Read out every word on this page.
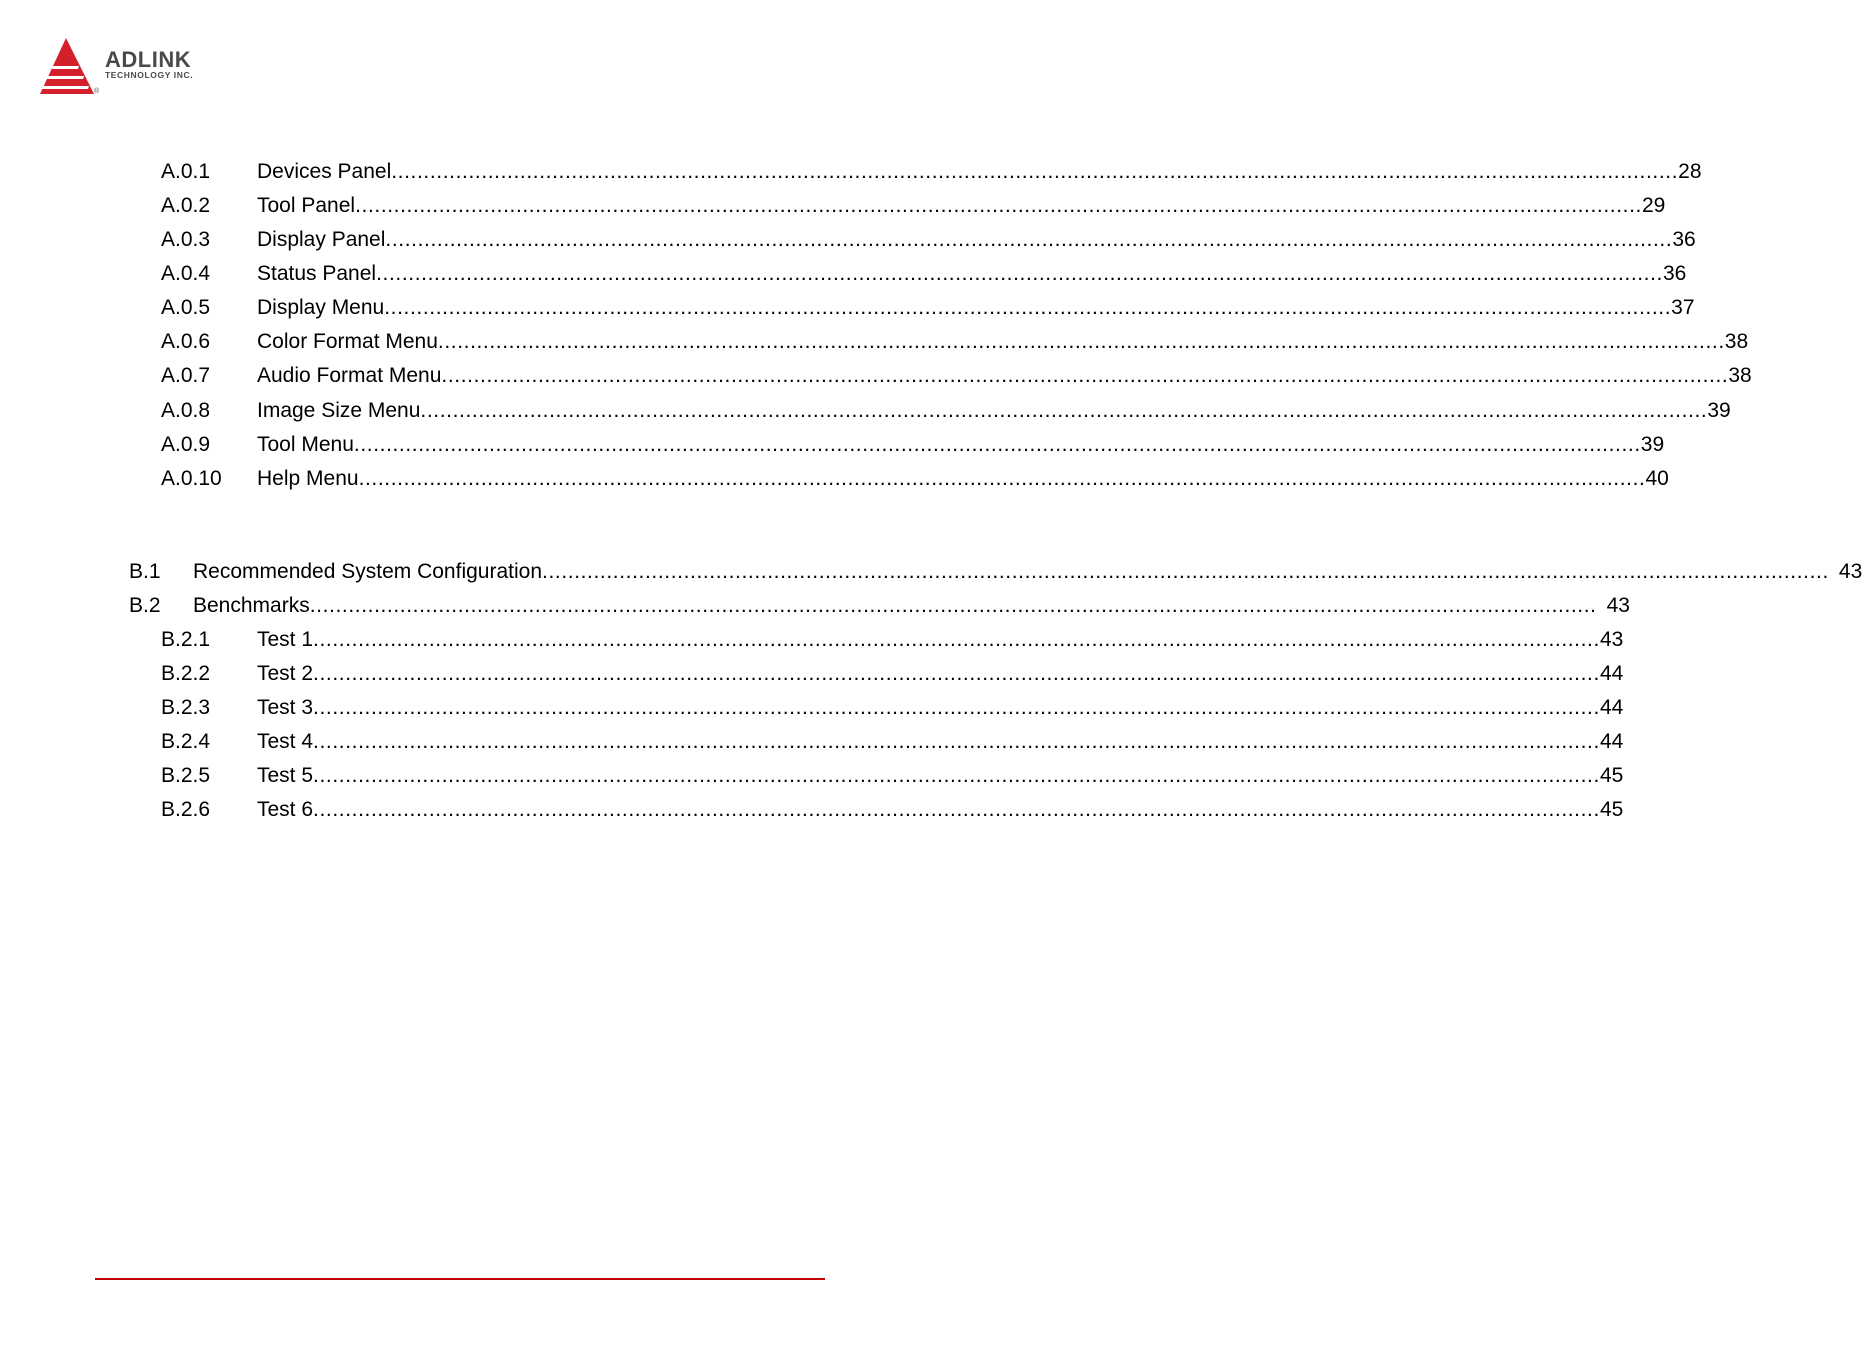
ADLINK
TECHNOLOGY INC.
®
A.0.1 Devices Panel ........................................................................................................................................................................................................ 28
A.0.2 Tool Panel ........................................................................................................................................................................................................ 29
A.0.3 Display Panel ........................................................................................................................................................................................................ 36
A.0.4 Status Panel ........................................................................................................................................................................................................ 36
A.0.5 Display Menu ........................................................................................................................................................................................................ 37
A.0.6 Color Format Menu ........................................................................................................................................................................................................ 38
A.0.7 Audio Format Menu ........................................................................................................................................................................................................ 38
A.0.8 Image Size Menu ........................................................................................................................................................................................................ 39
A.0.9 Tool Menu ........................................................................................................................................................................................................ 39
A.0.10 Help Menu ........................................................................................................................................................................................................ 40
B.1 Recommended System Configuration ........................................................................................................................................................................................................ 43
B.2 Benchmarks ........................................................................................................................................................................................................ 43
B.2.1 Test 1 ........................................................................................................................................................................................................ 43
B.2.2 Test 2 ........................................................................................................................................................................................................ 44
B.2.3 Test 3 ........................................................................................................................................................................................................ 44
B.2.4 Test 4 ........................................................................................................................................................................................................ 44
B.2.5 Test 5 ........................................................................................................................................................................................................ 45
B.2.6 Test 6 ........................................................................................................................................................................................................ 45
